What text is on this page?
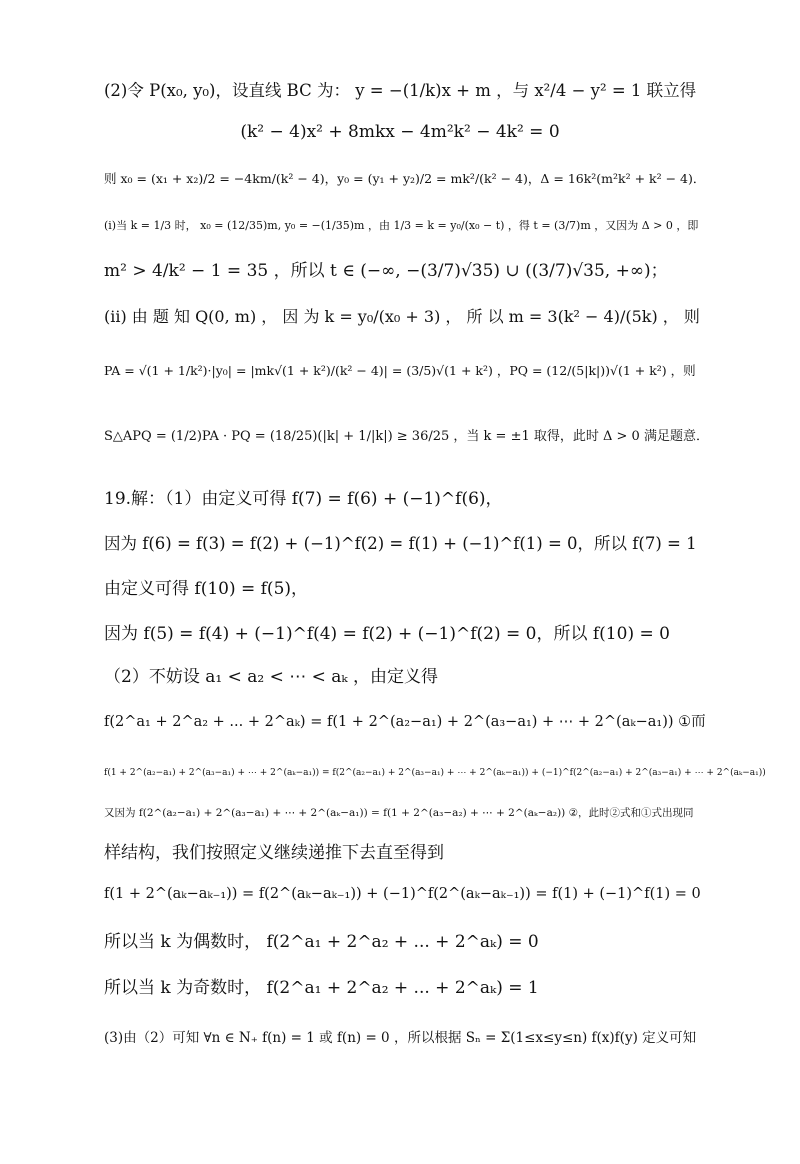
(2)令 P(x₀, y₀)，设直线 BC 为： y = −(1/k)x + m ，与 x²/4 − y² = 1 联立得
(k² − 4)x² + 8mkx − 4m²k² − 4k² = 0
则 x₀ = (x₁ + x₂)/2 = −4km/(k² − 4)，y₀ = (y₁ + y₂)/2 = mk²/(k² − 4)，Δ = 16k²(m²k² + k² − 4)．
(i)当 k = 1/3 时， x₀ = (12/35)m, y₀ = −(1/35)m ，由 1/3 = k = y₀/(x₀ − t) ，得 t = (3/7)m ，又因为 Δ > 0 ，即
m² > 4/k² − 1 = 35 ，所以 t ∈ (−∞, −(3/7)√35) ∪ ((3/7)√35, +∞)；
(ii) 由 题 知 Q(0, m) ， 因 为 k = y₀/(x₀ + 3) ， 所 以 m = 3(k² − 4)/(5k) ， 则
PA = √(1 + 1/k²)·|y₀| = |mk√(1 + k²)/(k² − 4)| = (3/5)√(1 + k²) ，PQ = (12/(5|k|))√(1 + k²) ，则
S△APQ = (1/2)PA · PQ = (18/25)(|k| + 1/|k|) ≥ 36/25 ，当 k = ±1 取得，此时 Δ > 0 满足题意．
19.解：（1）由定义可得 f(7) = f(6) + (−1)^f(6)，
因为 f(6) = f(3) = f(2) + (−1)^f(2) = f(1) + (−1)^f(1) = 0，所以 f(7) = 1
由定义可得 f(10) = f(5)，
因为 f(5) = f(4) + (−1)^f(4) = f(2) + (−1)^f(2) = 0，所以 f(10) = 0
（2）不妨设 a₁ < a₂ < ⋯ < aₖ ，由定义得
f(2^a₁ + 2^a₂ + ... + 2^aₖ) = f(1 + 2^(a₂−a₁) + 2^(a₃−a₁) + ⋯ + 2^(aₖ−a₁)) ①而
f(1 + 2^(a₂−a₁) + 2^(a₃−a₁) + ⋯ + 2^(aₖ−a₁)) = f(2^(a₂−a₁) + 2^(a₃−a₁) + ⋯ + 2^(aₖ−a₁)) + (−1)^f(2^(a₂−a₁) + 2^(a₃−a₁) + ⋯ + 2^(aₖ−a₁))
又因为 f(2^(a₂−a₁) + 2^(a₃−a₁) + ⋯ + 2^(aₖ−a₁)) = f(1 + 2^(a₃−a₂) + ⋯ + 2^(aₖ−a₂)) ②，此时②式和①式出现同
样结构，我们按照定义继续递推下去直至得到
f(1 + 2^(aₖ−aₖ₋₁)) = f(2^(aₖ−aₖ₋₁)) + (−1)^f(2^(aₖ−aₖ₋₁)) = f(1) + (−1)^f(1) = 0
所以当 k 为偶数时， f(2^a₁ + 2^a₂ + ... + 2^aₖ) = 0
所以当 k 为奇数时， f(2^a₁ + 2^a₂ + ... + 2^aₖ) = 1
(3)由（2）可知 ∀n ∈ N₊ f(n) = 1 或 f(n) = 0 ，所以根据 Sₙ = Σ(1≤x≤y≤n) f(x)f(y) 定义可知
